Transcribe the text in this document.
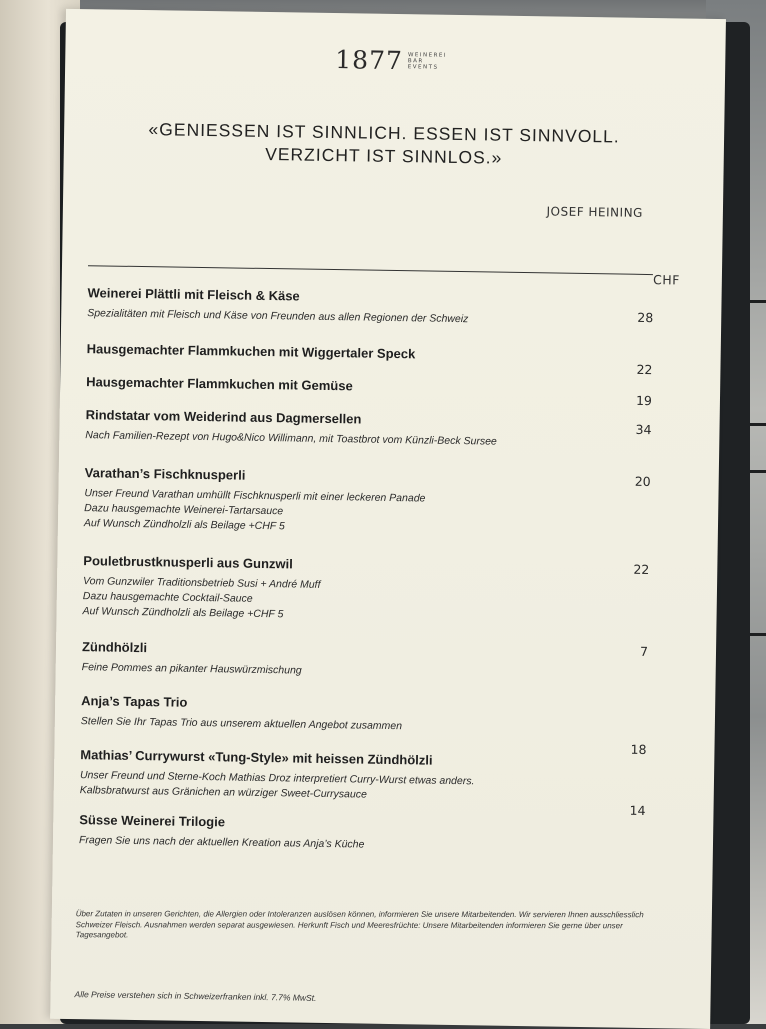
1877 WEINEREI
BAR
EVENTS
«GENIESSEN IST SINNLICH. ESSEN IST SINNVOLL.
VERZICHT IST SINNLOS.»
JOSEF HEINING
CHF
Weinerei Plättli mit Fleisch & Käse
Spezialitäten mit Fleisch und Käse von Freunden aus allen Regionen der Schweiz	28
Hausgemachter Flammkuchen mit Wiggertaler Speck
22
Hausgemachter Flammkuchen mit Gemüse
19
Rindstatar vom Weiderind aus Dagmersellen
Nach Familien-Rezept von Hugo&Nico Willimann, mit Toastbrot vom Künzli-Beck Sursee	34
Varathan’s Fischknusperli
Unser Freund Varathan umhüllt Fischknusperli mit einer leckeren Panade
Dazu hausgemachte Weinerei-Tartarsauce
Auf Wunsch Zündholzli als Beilage +CHF 5
20
Pouletbrustknusperli aus Gunzwil
Vom Gunzwiler Traditionsbetrieb Susi + André Muff
Dazu hausgemachte Cocktail-Sauce
Auf Wunsch Zündholzli als Beilage +CHF 5
22
Zündhölzli
Feine Pommes an pikanter Hauswürzmischung
7
Anja’s Tapas Trio
Stellen Sie Ihr Tapas Trio aus unserem aktuellen Angebot zusammen
Mathias’ Currywurst «Tung-Style» mit heissen Zündhölzli
Unser Freund und Sterne-Koch Mathias Droz interpretiert Curry-Wurst etwas anders.
Kalbsbratwurst aus Gränichen an würziger Sweet-Currysauce
18
Süsse Weinerei Trilogie
Fragen Sie uns nach der aktuellen Kreation aus Anja’s Küche
14
Über Zutaten in unseren Gerichten, die Allergien oder Intoleranzen auslösen können, informieren Sie unsere Mitarbeitenden. Wir servieren Ihnen ausschliesslich Schweizer Fleisch. Ausnahmen werden separat ausgewiesen. Herkunft Fisch und Meeresfrüchte: Unsere Mitarbeitenden informieren Sie gerne über unser Tagesangebot.
Alle Preise verstehen sich in Schweizerfranken inkl. 7.7% MwSt.
